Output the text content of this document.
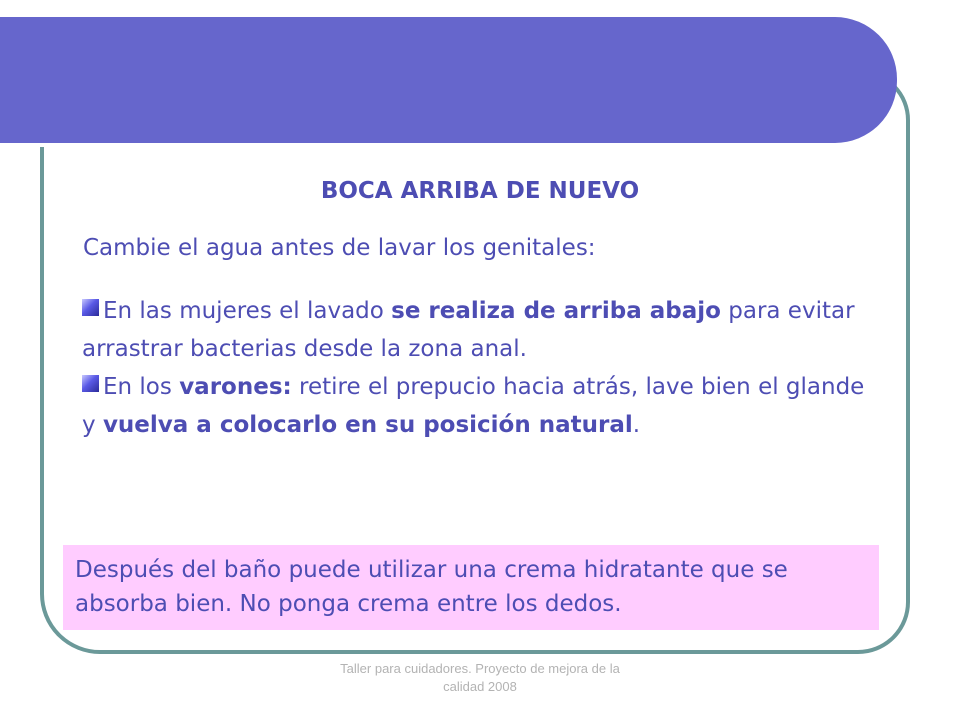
BOCA ARRIBA DE NUEVO
Cambie el agua antes de lavar los genitales:
En las mujeres el lavado se realiza de arriba abajo para evitar arrastrar bacterias desde la zona anal.
En los varones: retire el prepucio hacia atrás, lave bien el glande y vuelva a colocarlo en su posición natural.
Después del baño puede utilizar una crema hidratante que se absorba bien. No ponga crema entre los dedos.
Taller para cuidadores. Proyecto de mejora de la calidad 2008
